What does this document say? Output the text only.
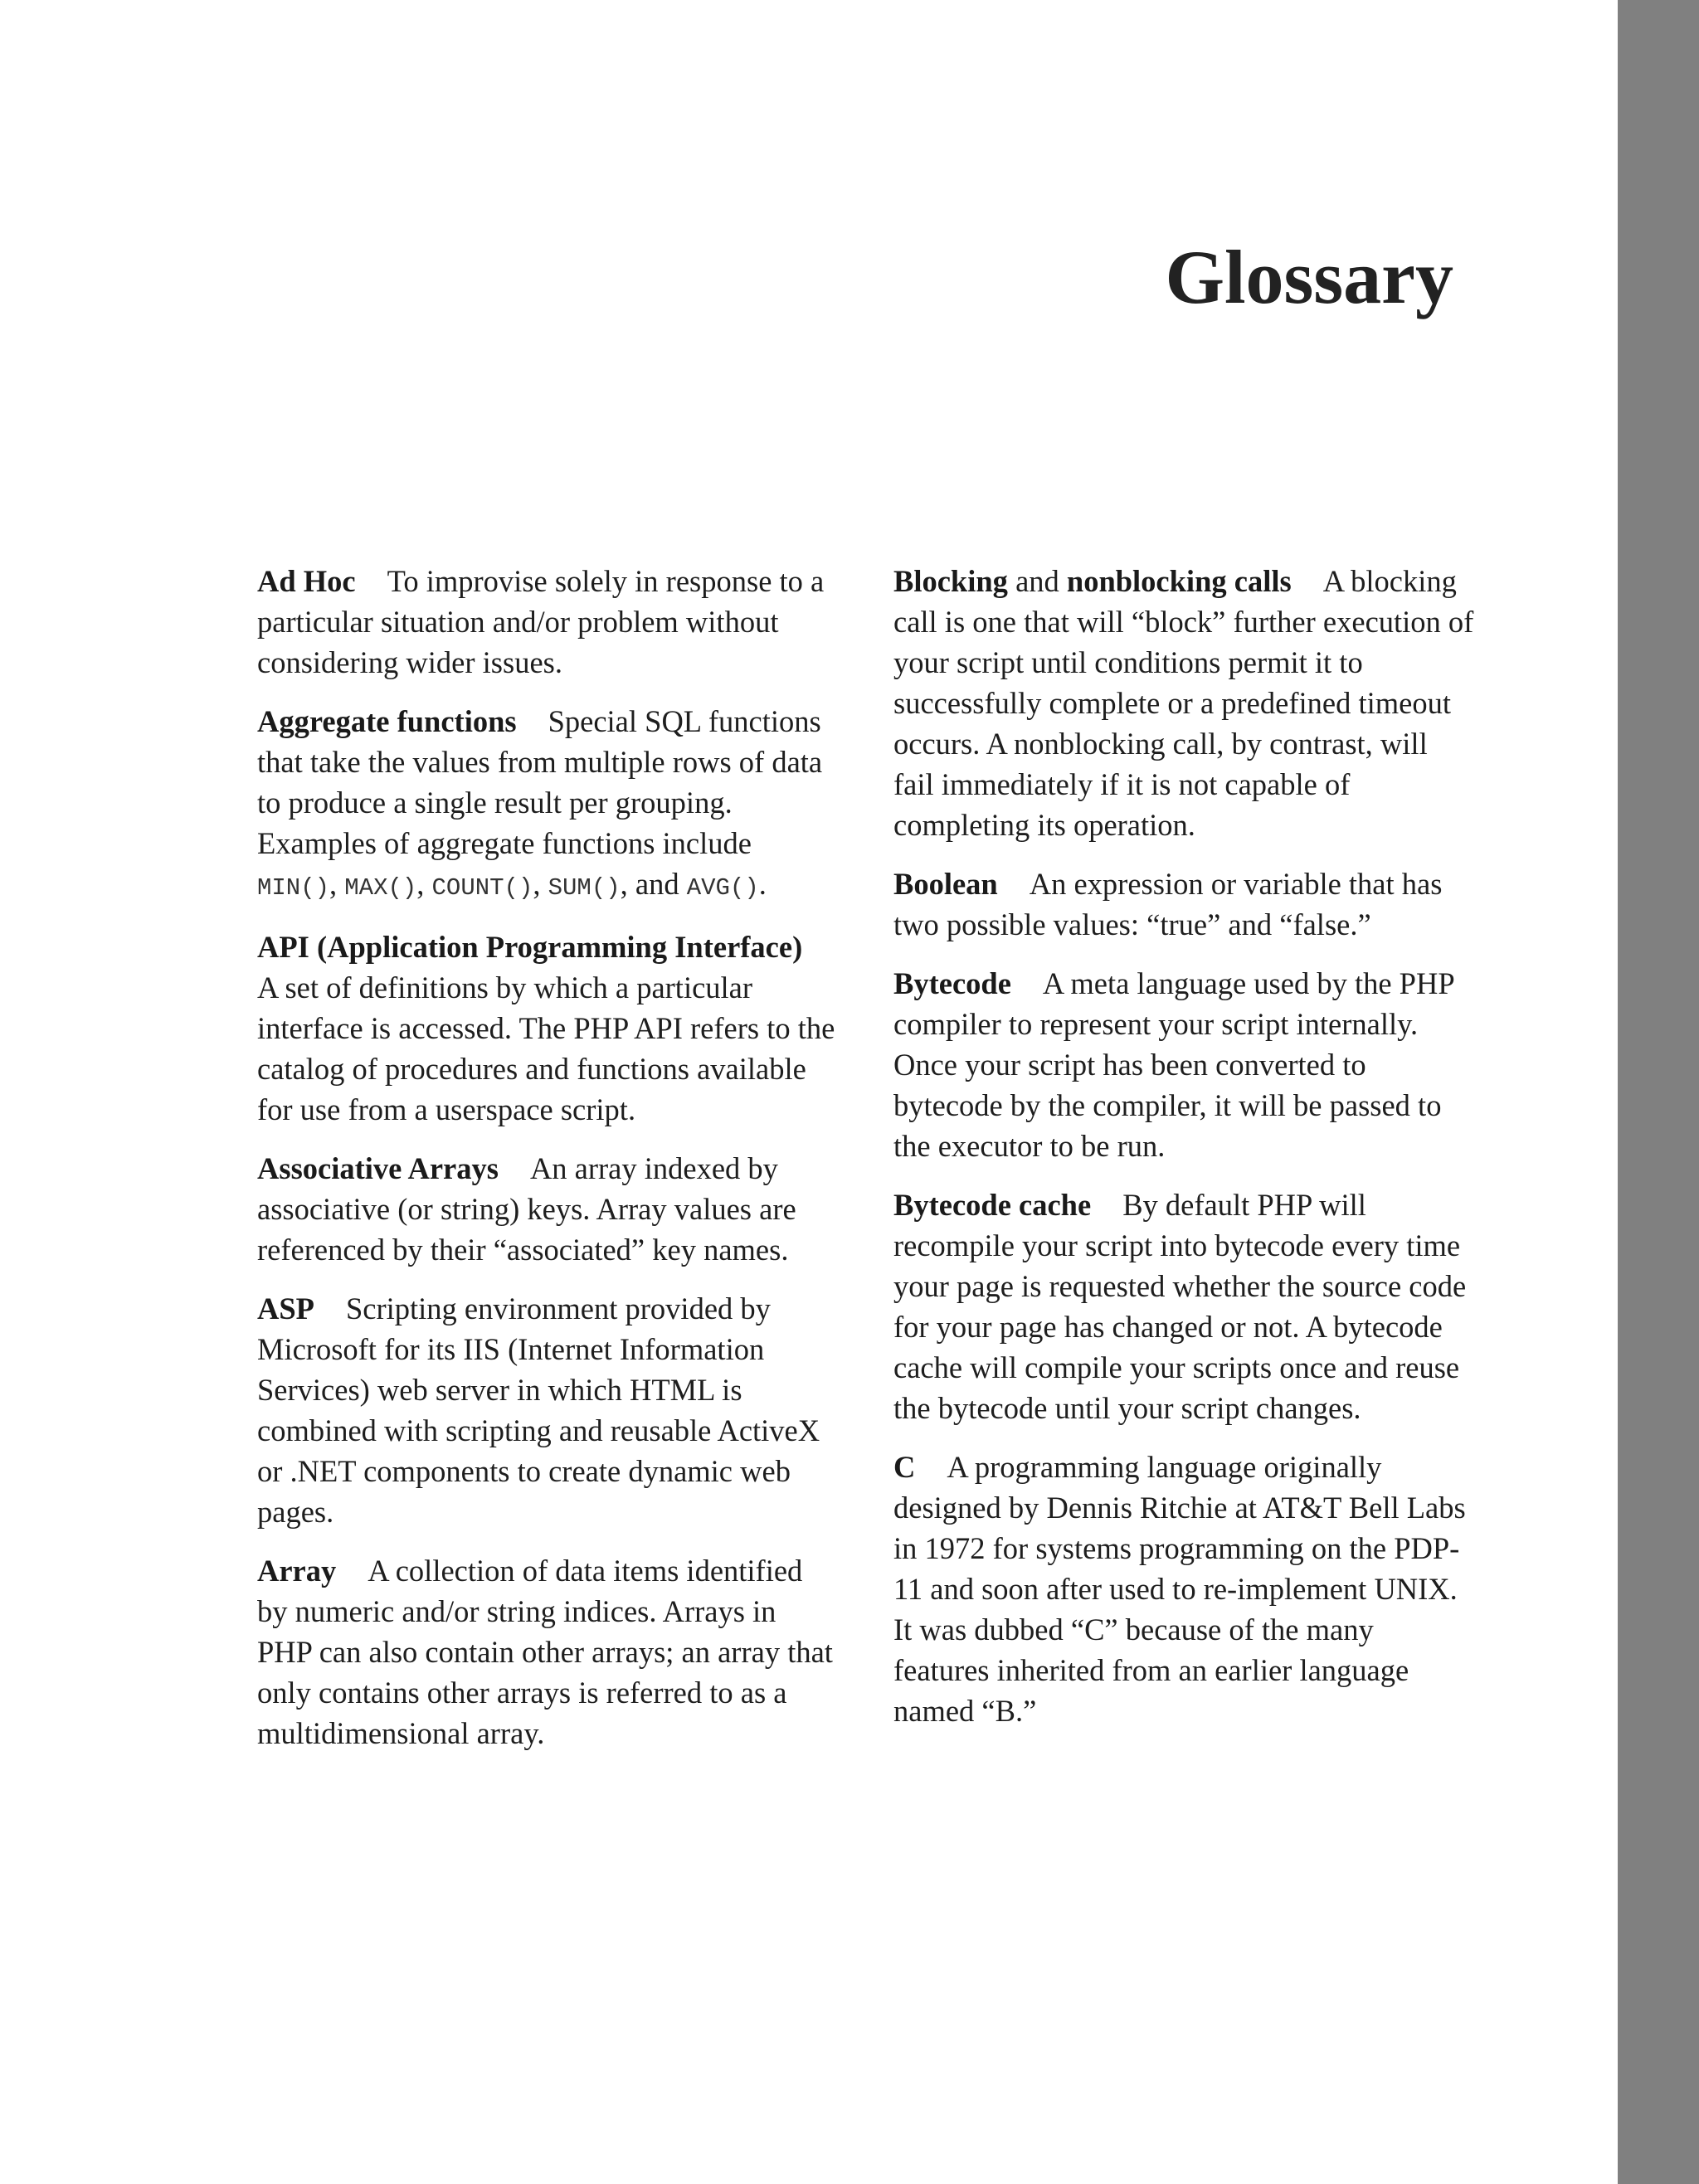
Glossary

Ad Hoc To improvise solely in response to a particular situation and/or problem without considering wider issues.

Aggregate functions Special SQL functions that take the values from multiple rows of data to produce a single result per grouping. Examples of aggregate functions include MIN(), MAX(), COUNT(), SUM(), and AVG().

API (Application Programming Interface)A set of definitions by which a particular interface is accessed. The PHP API refers to the catalog of procedures and functions available for use from a userspace script.

Associative Arrays An array indexed by associative (or string) keys. Array values are referenced by their “associated” key names.

ASP Scripting environment provided by Microsoft for its IIS (Internet Information Services) web server in which HTML is combined with scripting and reusable ActiveX or .NET components to create dynamic web pages.

Array A collection of data items identified by numeric and/or string indices. Arrays in PHP can also contain other arrays; an array that only contains other arrays is referred to as a multidimensional array.

Blocking and nonblocking calls A blocking call is one that will “block” further execution of your script until conditions permit it to successfully complete or a predefined timeout occurs. A nonblocking call, by contrast, will fail immediately if it is not capable of completing its operation.

Boolean An expression or variable that has two possible values: “true” and “false.”

Bytecode A meta language used by the PHP compiler to represent your script internally. Once your script has been converted to bytecode by the compiler, it will be passed to the executor to be run.

Bytecode cache By default PHP will recompile your script into bytecode every time your page is requested whether the source code for your page has changed or not. A bytecode cache will compile your scripts once and reuse the bytecode until your script changes.

C A programming language originally designed by Dennis Ritchie at AT&T Bell Labs in 1972 for systems programming on the PDP-11 and soon after used to re-implement UNIX. It was dubbed “C” because of the many features inherited from an earlier language named “B.”
